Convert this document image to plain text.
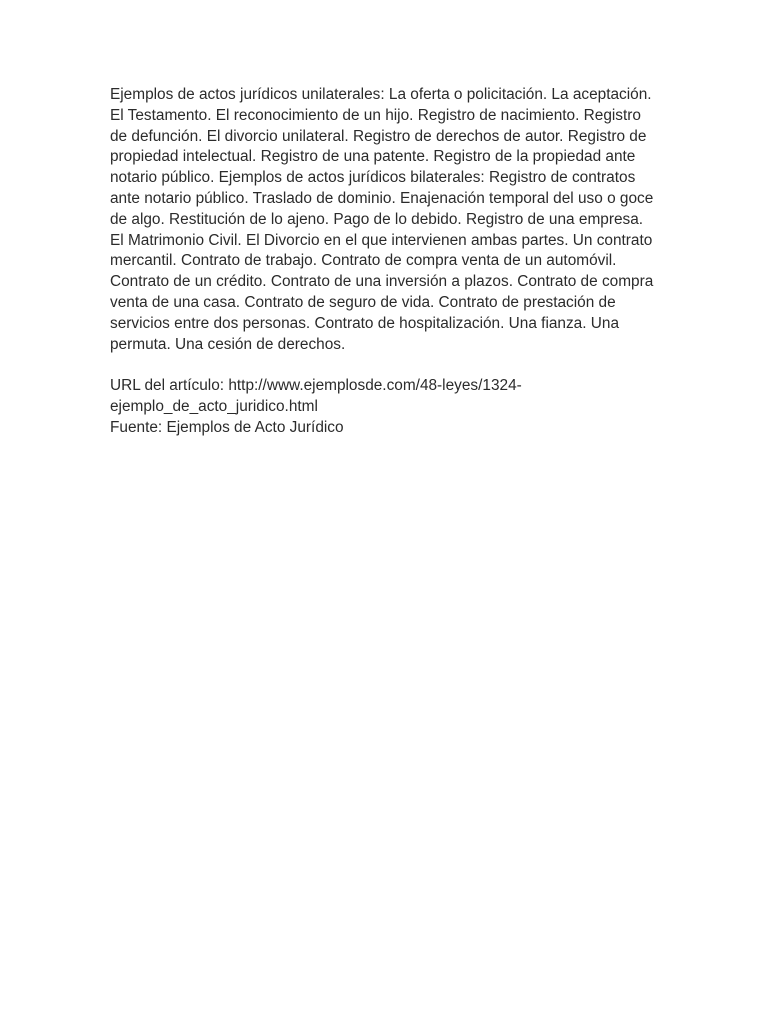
Ejemplos de actos jurídicos unilaterales: La oferta o policitación. La aceptación. El Testamento. El reconocimiento de un hijo. Registro de nacimiento. Registro de defunción. El divorcio unilateral. Registro de derechos de autor. Registro de propiedad intelectual. Registro de una patente. Registro de la propiedad ante notario público. Ejemplos de actos jurídicos bilaterales: Registro de contratos ante notario público. Traslado de dominio. Enajenación temporal del uso o goce de algo. Restitución de lo ajeno. Pago de lo debido. Registro de una empresa. El Matrimonio Civil. El Divorcio en el que intervienen ambas partes. Un contrato mercantil. Contrato de trabajo. Contrato de compra venta de un automóvil. Contrato de un crédito. Contrato de una inversión a plazos. Contrato de compra venta de una casa. Contrato de seguro de vida. Contrato de prestación de servicios entre dos personas. Contrato de hospitalización. Una fianza. Una permuta. Una cesión de derechos.

URL del artículo: http://www.ejemplosde.com/48-leyes/1324-
ejemplo_de_acto_juridico.html

Fuente: Ejemplos de Acto Jurídico
